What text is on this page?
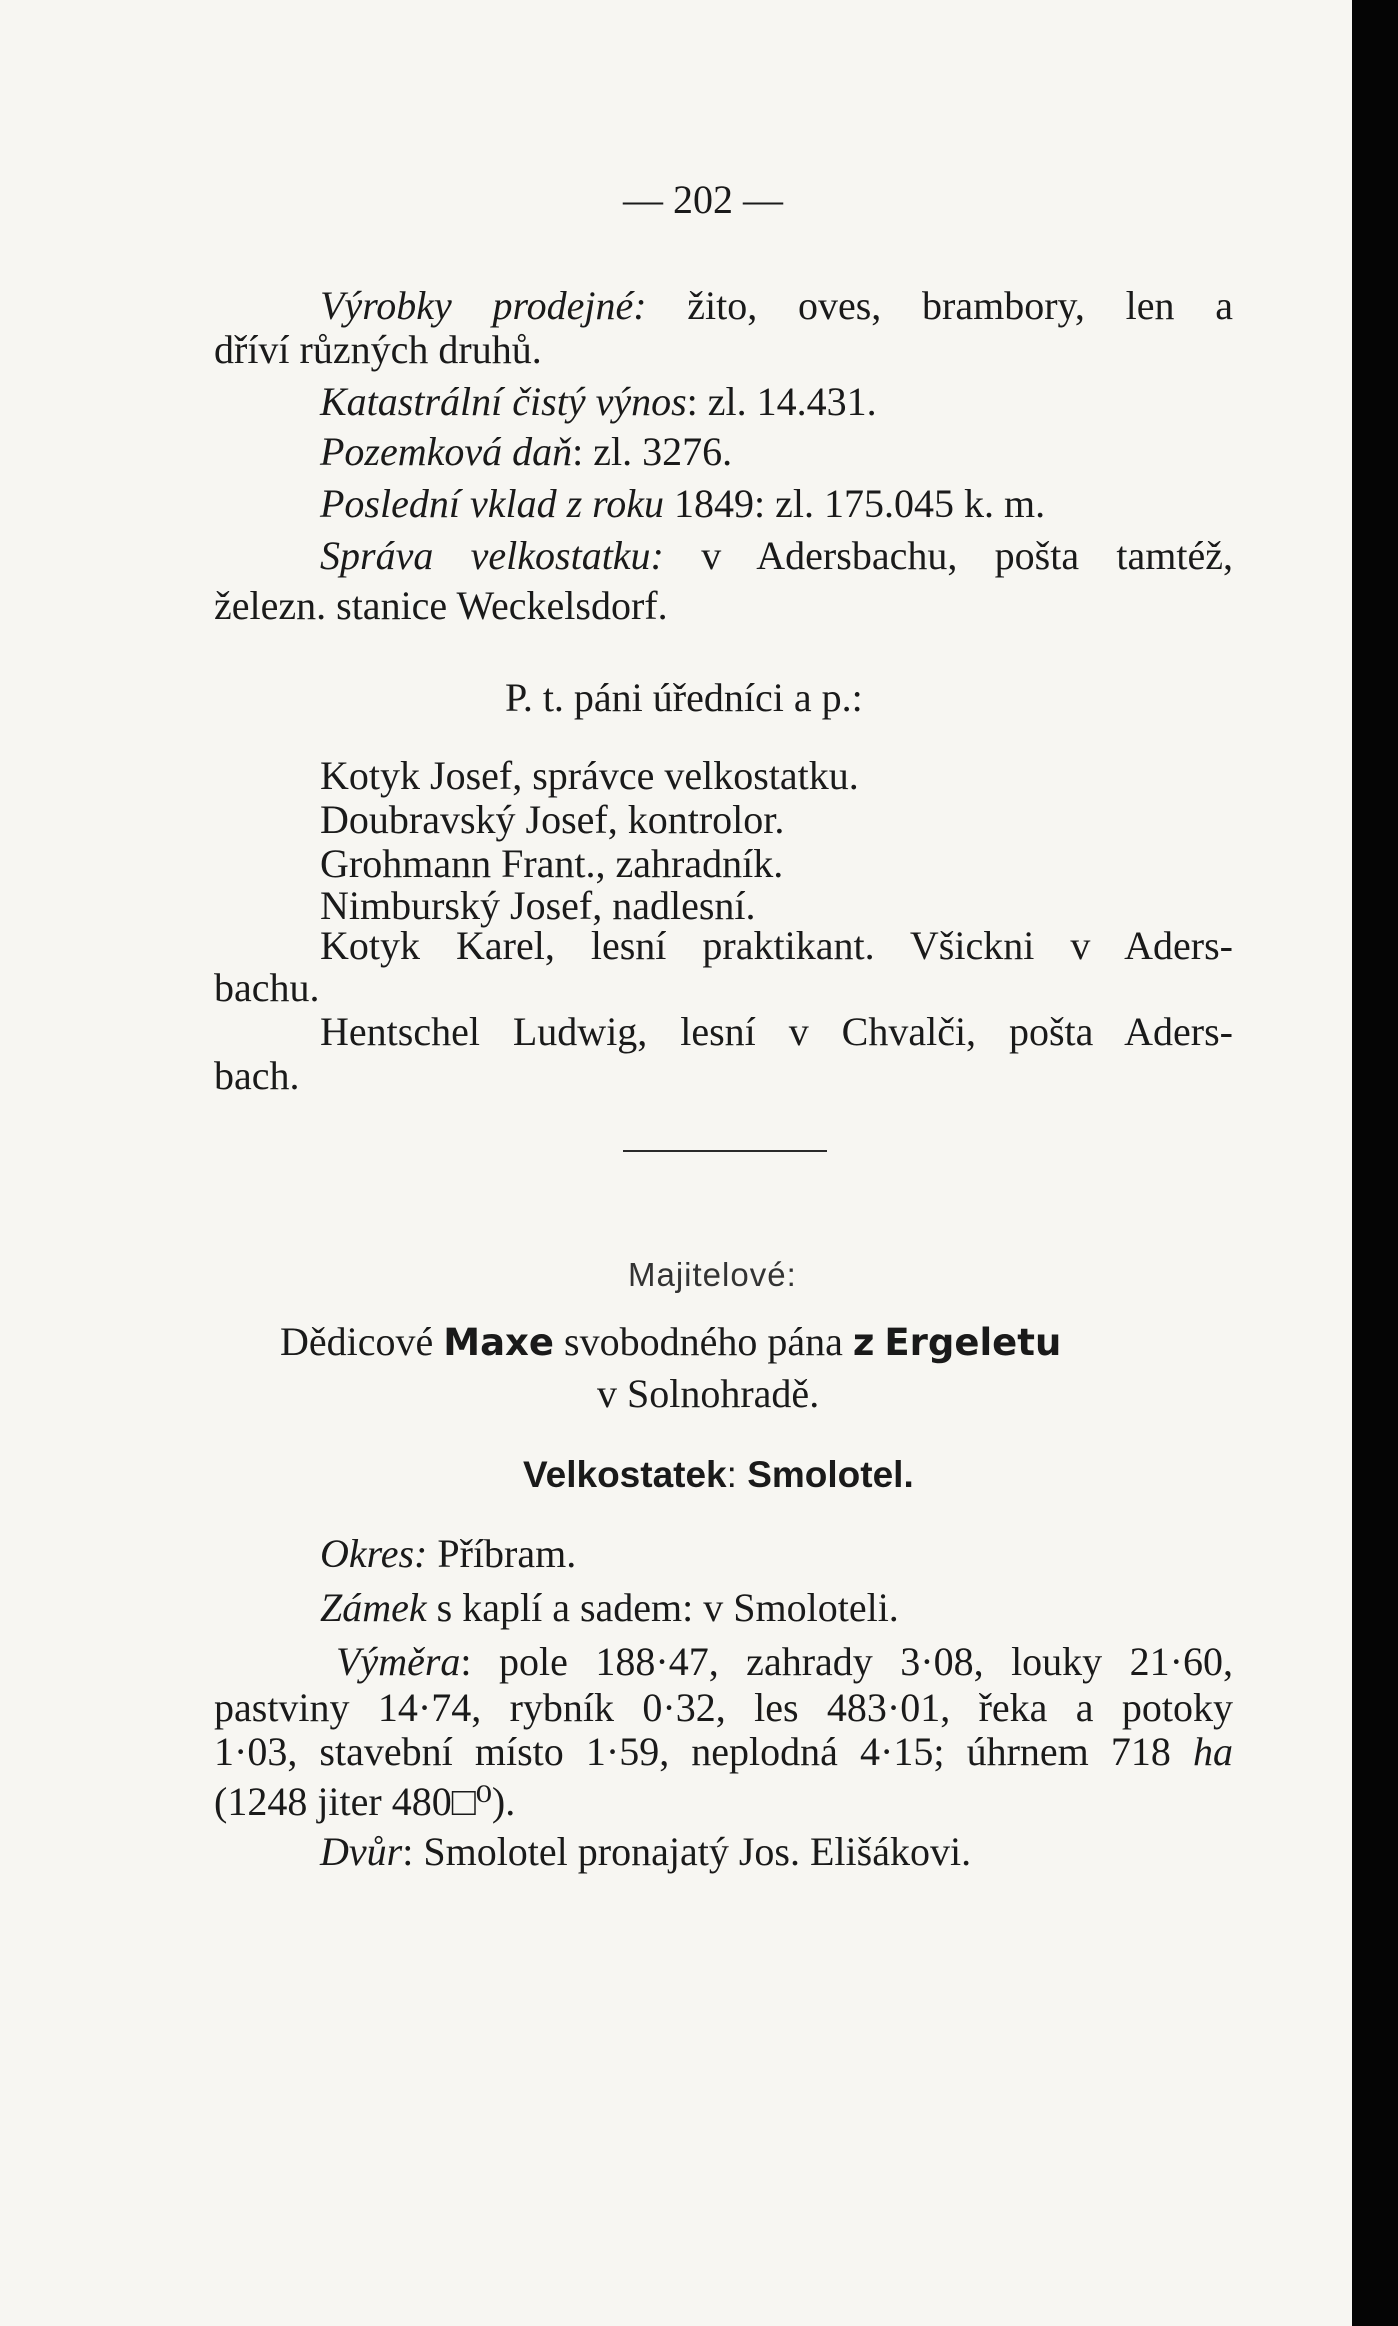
— 202 —
Výrobky prodejné: žito, oves, brambory, len a
dříví různých druhů.
Katastrální čistý výnos: zl. 14.431.
Pozemková daň: zl. 3276.
Poslední vklad z roku 1849: zl. 175.045 k. m.
Správa velkostatku: v Adersbachu, pošta tamtéž,
železn. stanice Weckelsdorf.
P. t. páni úředníci a p.:
Kotyk Josef, správce velkostatku.
Doubravský Josef, kontrolor.
Grohmann Frant., zahradník.
Nimburský Josef, nadlesní.
Kotyk Karel, lesní praktikant. Všickni v Aders-
bachu.
Hentschel Ludwig, lesní v Chvalči, pošta Aders-
bach.
Majitelové:
Dědicové Maxe svobodného pána z Ergeletu
v Solnohradě.
Velkostatek: Smolotel.
Okres: Příbram.
Zámek s kaplí a sadem: v Smoloteli.
Výměra: pole 188·47, zahrady 3·08, louky 21·60,
pastviny 14·74, rybník 0·32, les 483·01, řeka a potoky
1·03, stavební místo 1·59, neplodná 4·15; úhrnem 718 ha
(1248 jiter 480□⁰).
Dvůr: Smolotel pronajatý Jos. Elišákovi.
